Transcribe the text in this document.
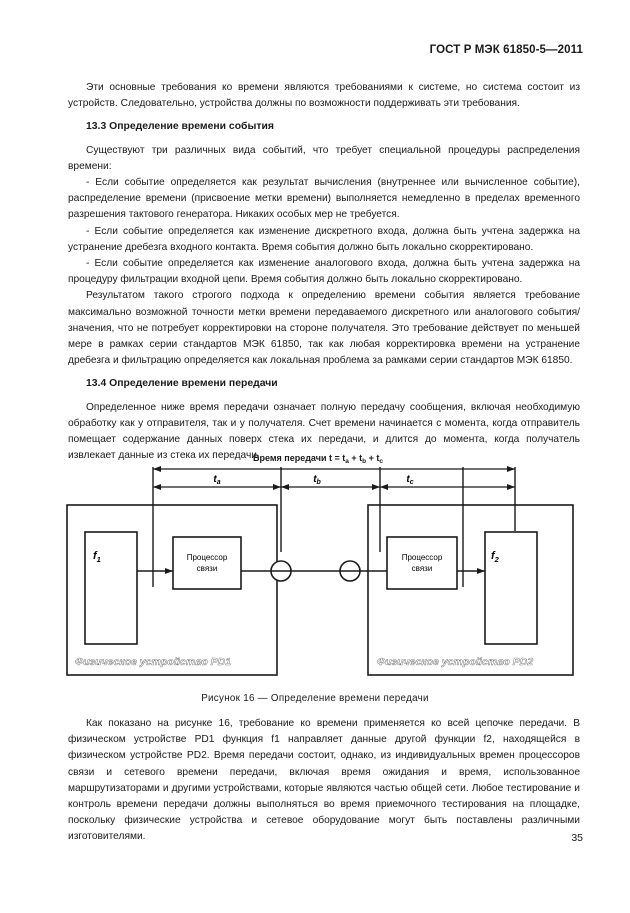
ГОСТ Р МЭК 61850-5—2011

Эти основные требования ко времени являются требованиями к системе, но система состоит из устройств. Следовательно, устройства должны по возможности поддерживать эти требования.

13.3 Определение времени события

Существуют три различных вида событий, что требует специальной процедуры распределения времени:

- Если событие определяется как результат вычисления (внутреннее или вычисленное событие), распределение времени (присвоение метки времени) выполняется немедленно в пределах временного разрешения тактового генератора. Никаких особых мер не требуется.

- Если событие определяется как изменение дискретного входа, должна быть учтена задержка на устранение дребезга входного контакта. Время события должно быть локально скорректировано.

- Если событие определяется как изменение аналогового входа, должна быть учтена задержка на процедуру фильтрации входной цепи. Время события должно быть локально скорректировано.

Результатом такого строгого подхода к определению времени события является требование максимально возможной точности метки времени передаваемого дискретного или аналогового события/значения, что не потребует корректировки на стороне получателя. Это требование действует по меньшей мере в рамках серии стандартов МЭК 61850, так как любая корректировка времени на устранение дребезга и фильтрацию определяется как локальная проблема за рамками серии стандартов МЭК 61850.

13.4 Определение времени передачи

Определенное ниже время передачи означает полную передачу сообщения, включая необходимую обработку как у отправителя, так и у получателя. Счет времени начинается с момента, когда отправитель помещает содержание данных поверх стека их передачи, и длится до момента, когда получатель извлекает данные из стека их передачи.

Время передачи $t = t_a + t_b + t_c$
$t_a$	$t_b$	$t_c$
$f_1$	$f_2$
Процессор
связи
Процессор
связи
Физическое устройство PD1	Физическое устройство PD2
Рисунок 16 — Определение времени передачи

Как показано на рисунке 16, требование ко времени применяется ко всей цепочке передачи. В физическом устройстве PD1 функция f1 направляет данные другой функции f2, находящейся в физическом устройстве PD2. Время передачи состоит, однако, из индивидуальных времен процессоров связи и сетевого времени передачи, включая время ожидания и время, использованное маршрутизаторами и другими устройствами, которые являются частью общей сети. Любое тестирование и контроль времени передачи должны выполняться во время приемочного тестирования на площадке, поскольку физические устройства и сетевое оборудование могут быть поставлены различными изготовителями.	35
